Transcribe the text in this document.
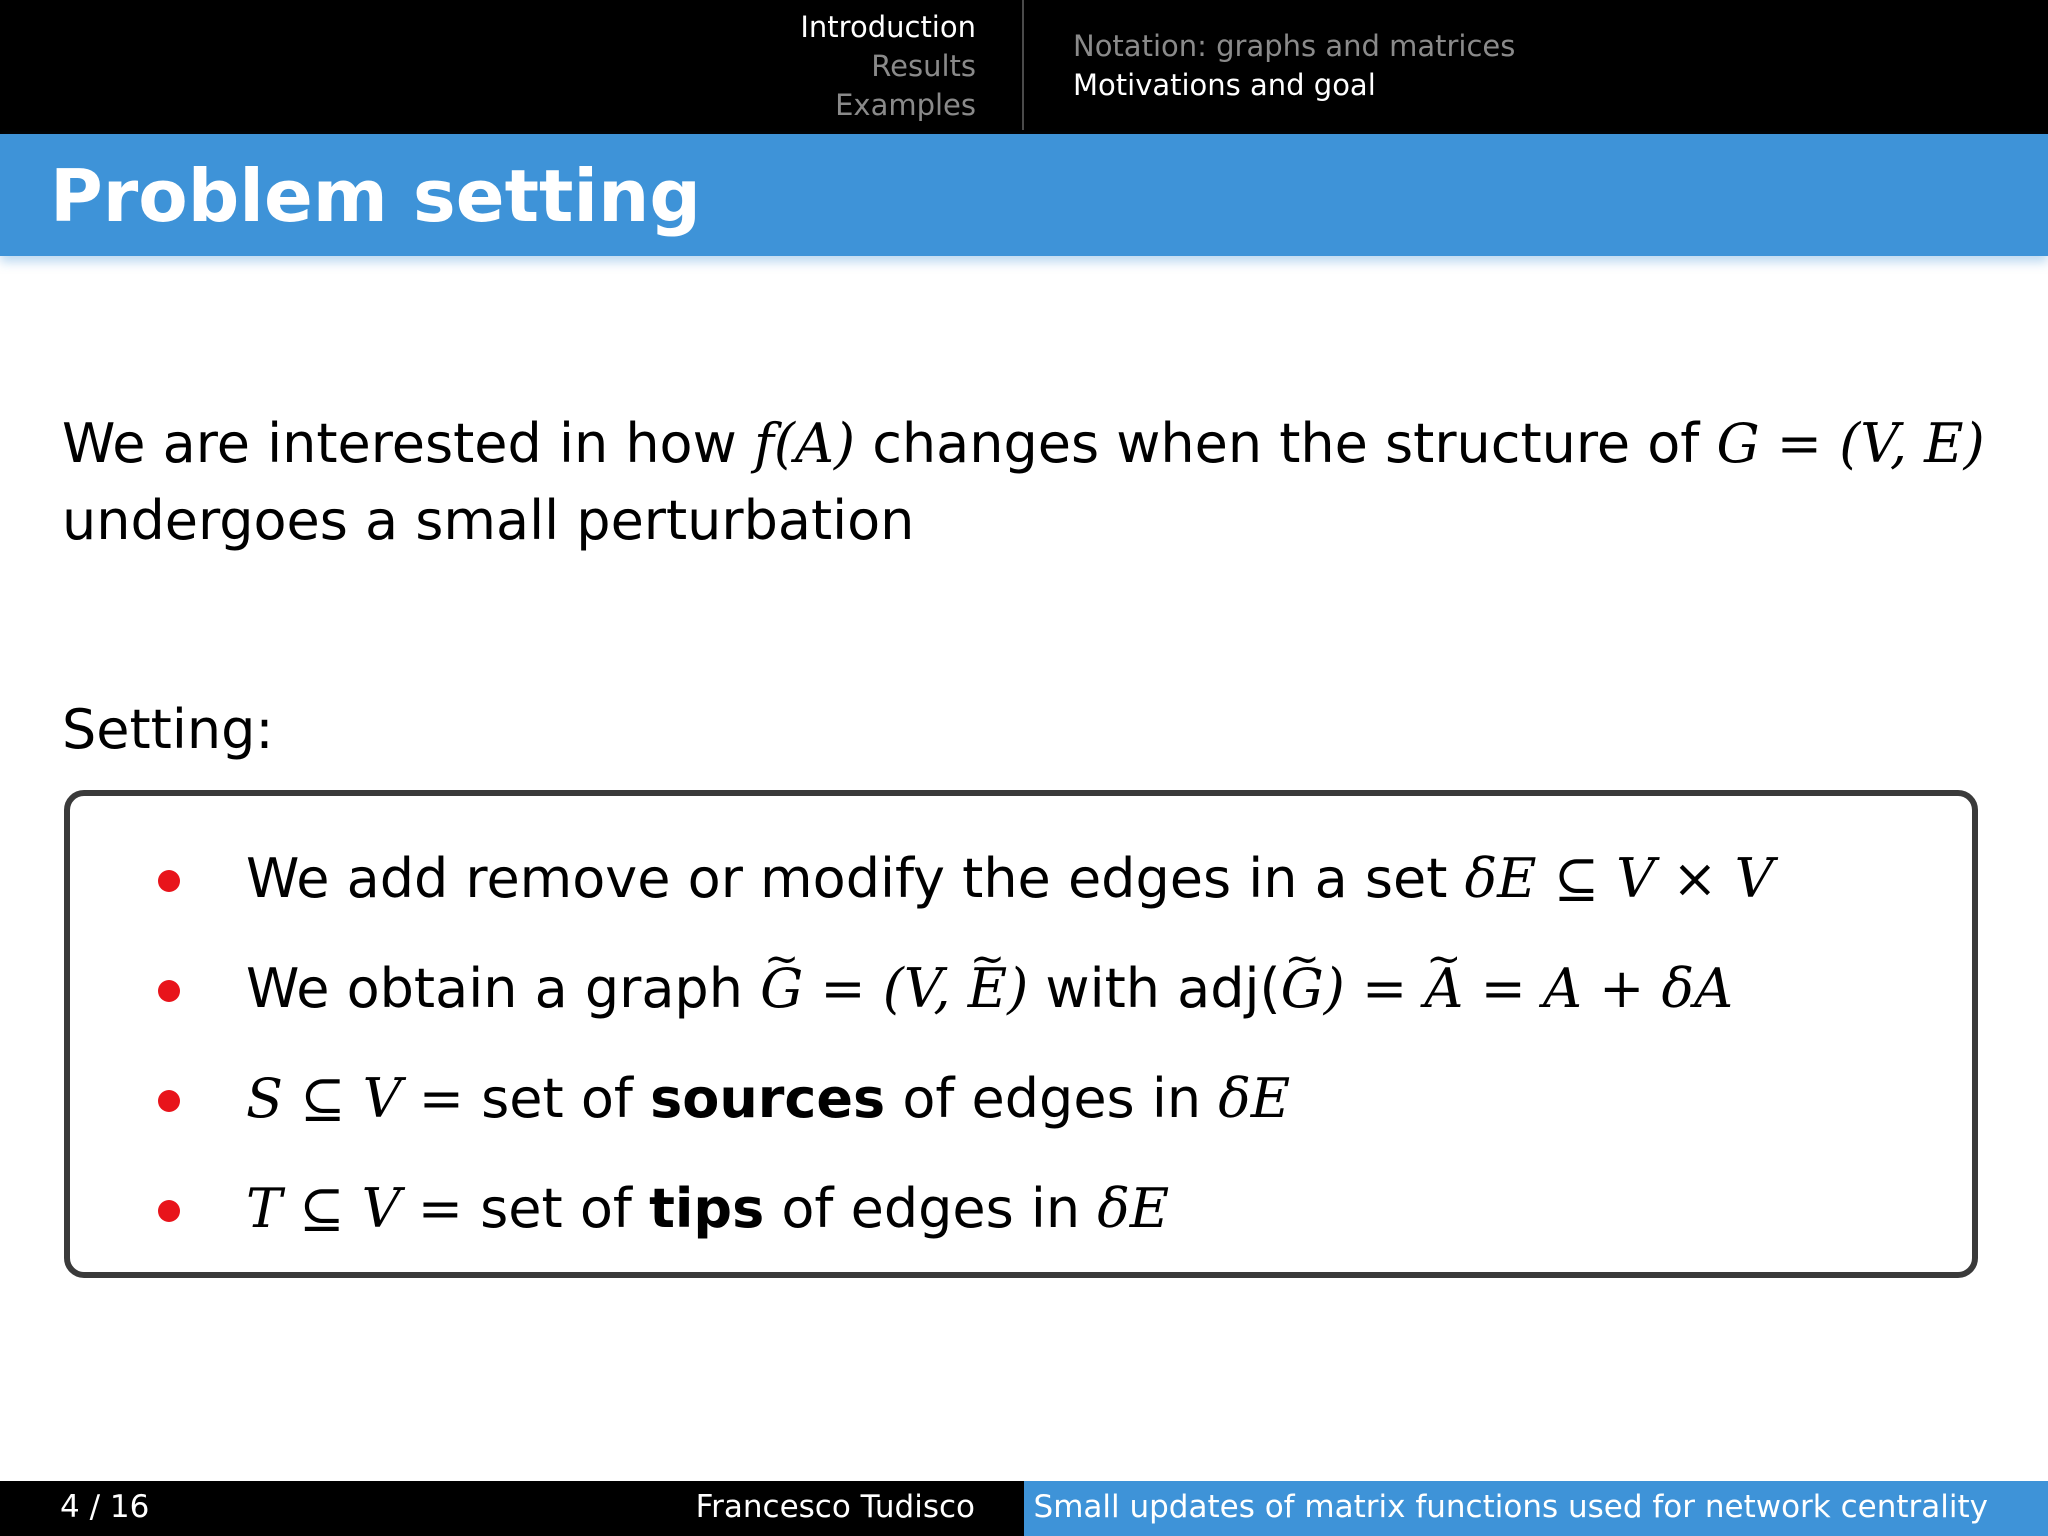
Introduction
Results
Examples
Notation: graphs and matrices
Motivations and goal
Problem setting
We are interested in how f(A) changes when the structure of G = (V, E)
undergoes a small perturbation
Setting:
We add remove or modify the edges in a set δE ⊆ V × V
We obtain a graph ~ G = (V, ~ E) with adj(~ G) = ~ A = A + δA
S ⊆ V = set of sources of edges in δE
T ⊆ V = set of tips of edges in δE
4 / 16	Francesco Tudisco Small updates of matrix functions used for network centrality
